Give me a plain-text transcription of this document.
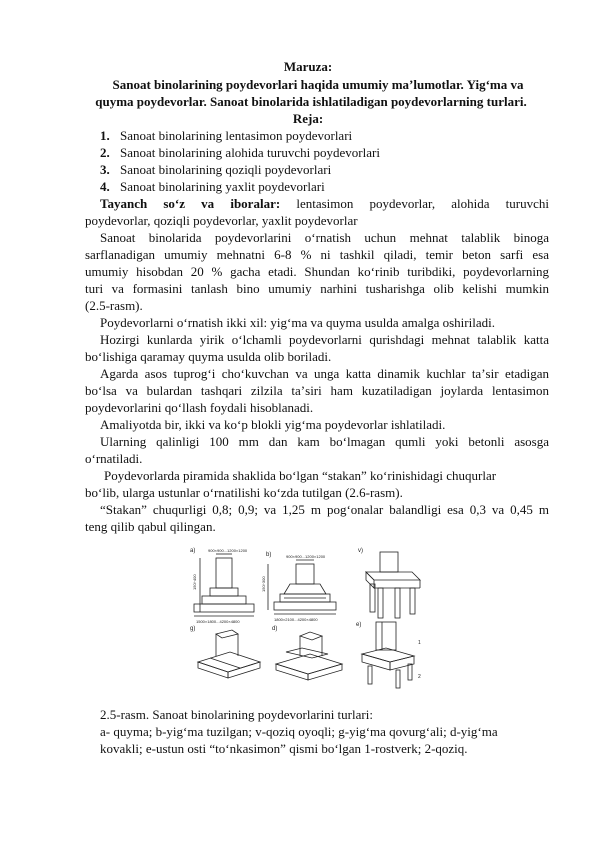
Maruza:

Sanoat binolarining poydevorlari haqida umumiy maʼlumotlar. Yigʻma va

quyma poydevorlar. Sanoat binolarida ishlatiladigan poydevorlarning turlari.

Reja:

1. Sanoat binolarining lentasimon poydevorlari
2. Sanoat binolarining alohida turuvchi poydevorlari
3. Sanoat binolarining qoziqli poydevorlari
4. Sanoat binolarining yaxlit poydevorlari
Tayanch soʻz va iboralar: lentasimon poydevorlar, alohida turuvchi

poydevorlar, qoziqli poydevorlar, yaxlit poydevorlar

Sanoat binolarida poydevorlarini oʻrnatish uchun mehnat talablik binoga

sarflanadigan umumiy mehnatni 6-8 % ni tashkil qiladi, temir beton sarfi esa

umumiy hisobdan 20 % gacha etadi. Shundan koʻrinib turibdiki, poydevorlarning

turi va formasini tanlash bino umumiy narhini tusharishga olib kelishi mumkin

(2.5-rasm).

Poydevorlarni oʻrnatish ikki xil: yigʻma va quyma usulda amalga oshiriladi.

Hozirgi kunlarda yirik oʻlchamli poydevorlarni qurishdagi mehnat talablik katta

boʻlishiga qaramay quyma usulda olib boriladi.

Agarda asos tuprogʻi choʻkuvchan va unga katta dinamik kuchlar taʼsir etadigan

boʻlsa va bulardan tashqari zilzila taʼsiri ham kuzatiladigan joylarda lentasimon

poydevorlarini qoʻllash foydali hisoblanadi.

Amaliyotda bir, ikki va koʻp blokli yigʻma poydevorlar ishlatiladi.

Ularning qalinligi 100 mm dan kam boʻlmagan qumli yoki betonli asosga

oʻrnatiladi.

Poydevorlarda piramida shaklida boʻlgan “stakan” koʻrinishidagi chuqurlar

boʻlib, ularga ustunlar oʻrnatilishi koʻzda tutilgan (2.6-rasm).

“Stakan” chuqurligi 0,8; 0,9; va 1,25 m pogʻonalar balandligi esa 0,3 va 0,45 m

teng qilib qabul qilingan.

a)
b)
v)
g)	d)
e)
900×900...1200×1200
1500×1800...4200×4800
150÷400
900×900...1200×1200
1800×2100...4200×4800
150÷300
1
2

2.5-rasm. Sanoat binolarining poydevorlarini turlari:

a- quyma; b-yigʻma tuzilgan; v-qoziq oyoqli; g-yigʻma qovurgʻali; d-yigʻma

kovakli; e-ustun osti “toʻnkasimon” qismi boʻlgan 1-rostverk; 2-qoziq.
